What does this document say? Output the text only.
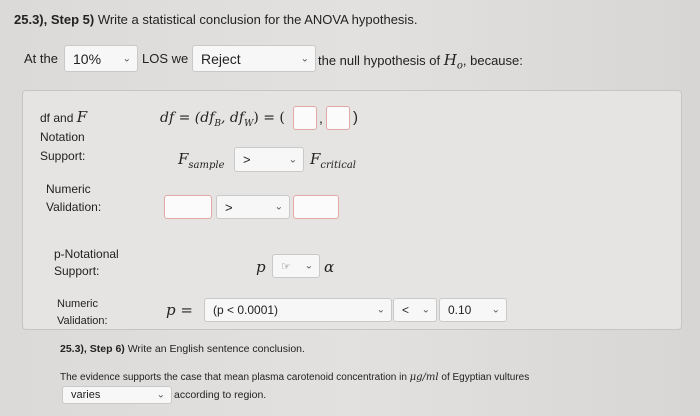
25.3), Step 5) Write a statistical conclusion for the ANOVA hypothesis.
At the 10% ⌄ LOS we Reject	⌄ the null hypothesis of $H_o$, because:
df and F
Notation
Support:
df = ($df_B$, $df_W$) = ( , )
$F_{sample}$ >	⌄ $F_{critical}$
Numeric
Validation:	>	⌄
p-Notational
Support:	p ☞ ⌄ α
Numeric
Validation:
p = (p < 0.0001)	⌄ < ⌄ 0.10 ⌄
25.3), Step 6) Write an English sentence conclusion.
The evidence supports the case that mean plasma carotenoid concentration in μg/ml of Egyptian vultures
varies	⌄ according to region.
